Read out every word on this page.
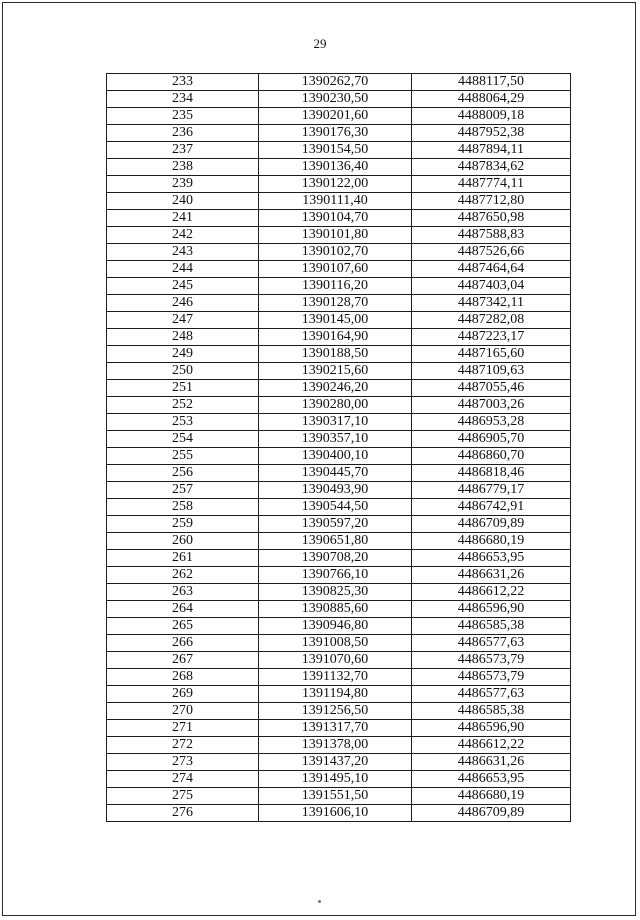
29
233	1390262,70	4488117,50
234	1390230,50	4488064,29
235	1390201,60	4488009,18
236	1390176,30	4487952,38
237	1390154,50	4487894,11
238	1390136,40	4487834,62
239	1390122,00	4487774,11
240	1390111,40	4487712,80
241	1390104,70	4487650,98
242	1390101,80	4487588,83
243	1390102,70	4487526,66
244	1390107,60	4487464,64
245	1390116,20	4487403,04
246	1390128,70	4487342,11
247	1390145,00	4487282,08
248	1390164,90	4487223,17
249	1390188,50	4487165,60
250	1390215,60	4487109,63
251	1390246,20	4487055,46
252	1390280,00	4487003,26
253	1390317,10	4486953,28
254	1390357,10	4486905,70
255	1390400,10	4486860,70
256	1390445,70	4486818,46
257	1390493,90	4486779,17
258	1390544,50	4486742,91
259	1390597,20	4486709,89
260	1390651,80	4486680,19
261	1390708,20	4486653,95
262	1390766,10	4486631,26
263	1390825,30	4486612,22
264	1390885,60	4486596,90
265	1390946,80	4486585,38
266	1391008,50	4486577,63
267	1391070,60	4486573,79
268	1391132,70	4486573,79
269	1391194,80	4486577,63
270	1391256,50	4486585,38
271	1391317,70	4486596,90
272	1391378,00	4486612,22
273	1391437,20	4486631,26
274	1391495,10	4486653,95
275	1391551,50	4486680,19
276	1391606,10	4486709,89
